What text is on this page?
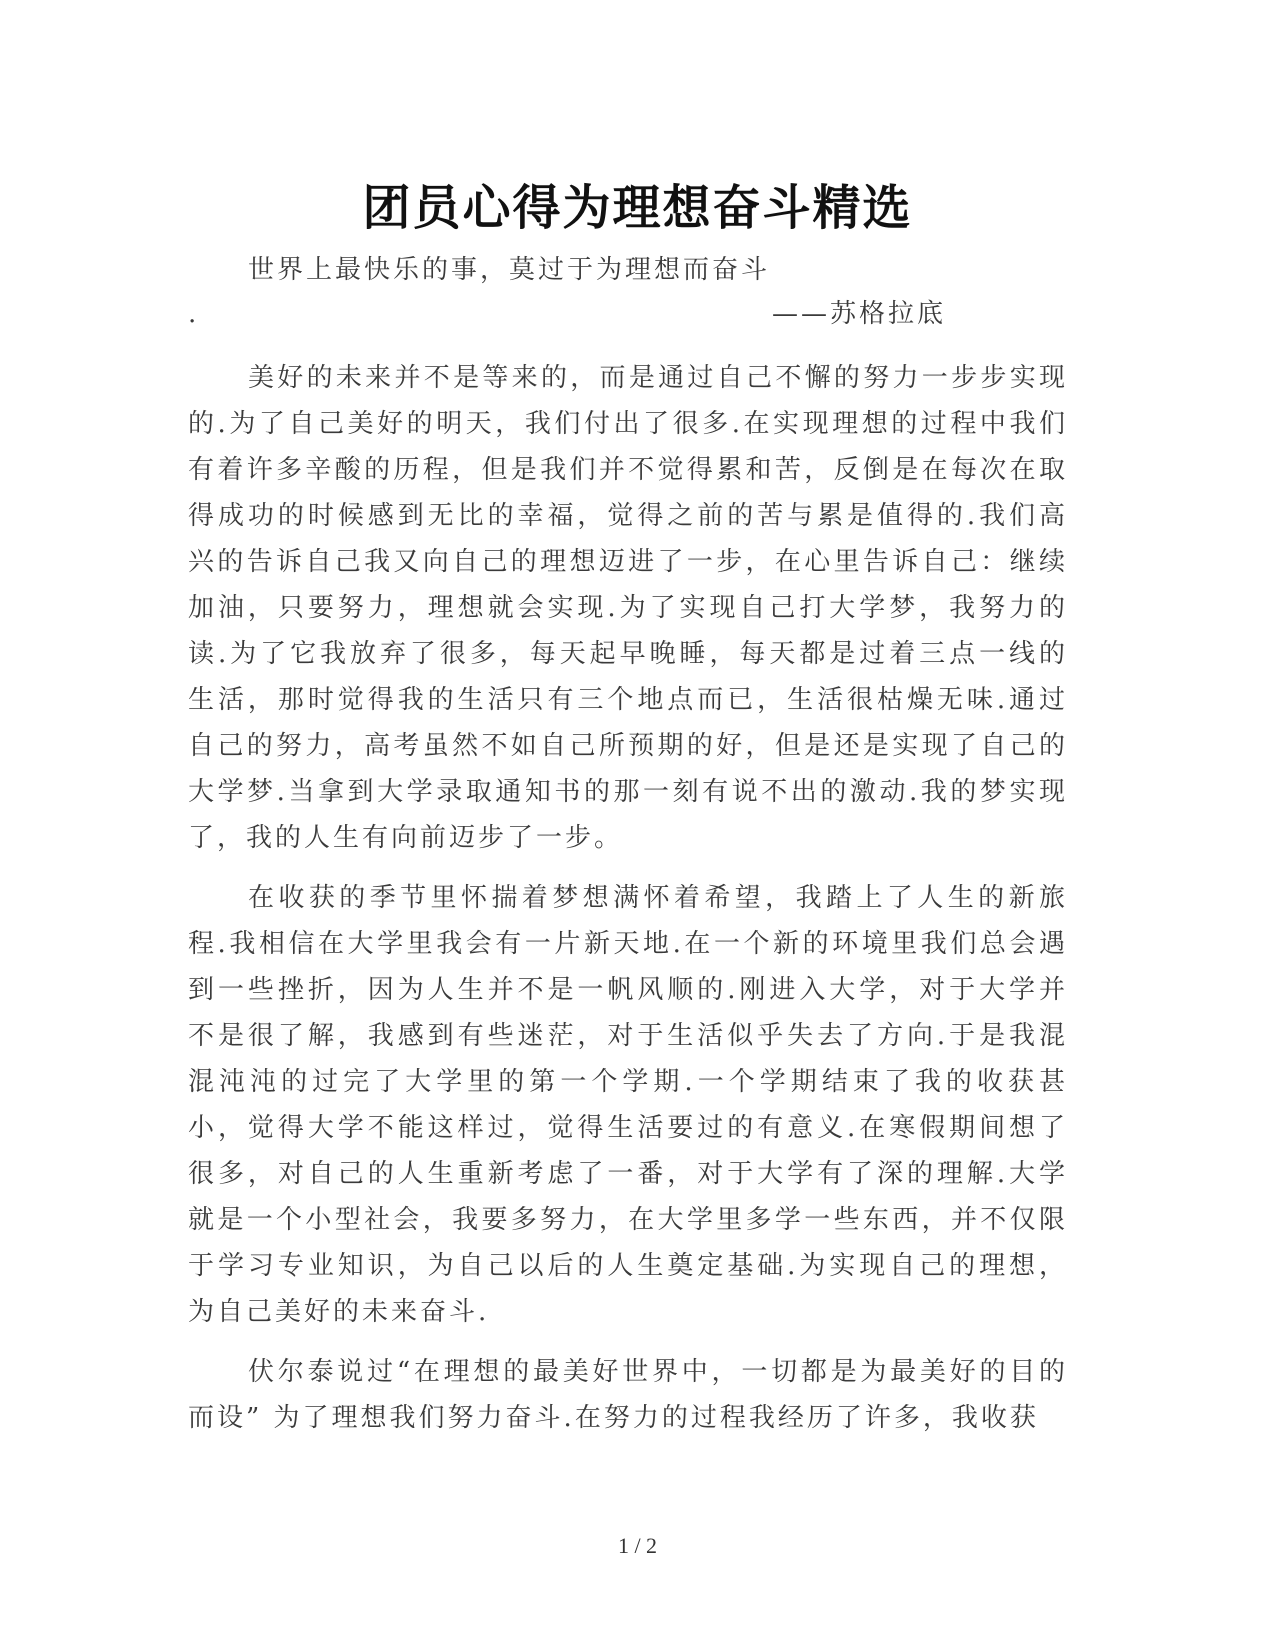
团员心得为理想奋斗精选
世界上最快乐的事，莫过于为理想而奋斗
.	——苏格拉底

美好的未来并不是等来的，而是通过自己不懈的努力一步步实现的.为了自己美好的明天，我们付出了很多.在实现理想的过程中我们有着许多辛酸的历程，但是我们并不觉得累和苦，反倒是在每次在取得成功的时候感到无比的幸福，觉得之前的苦与累是值得的.我们高兴的告诉自己我又向自己的理想迈进了一步，在心里告诉自己：继续加油，只要努力，理想就会实现.为了实现自己打大学梦，我努力的读.为了它我放弃了很多，每天起早晚睡，每天都是过着三点一线的生活，那时觉得我的生活只有三个地点而已，生活很枯燥无味.通过自己的努力，高考虽然不如自己所预期的好，但是还是实现了自己的大学梦.当拿到大学录取通知书的那一刻有说不出的激动.我的梦实现了，我的人生有向前迈步了一步。

在收获的季节里怀揣着梦想满怀着希望，我踏上了人生的新旅程.我相信在大学里我会有一片新天地.在一个新的环境里我们总会遇到一些挫折，因为人生并不是一帆风顺的.刚进入大学，对于大学并不是很了解，我感到有些迷茫，对于生活似乎失去了方向.于是我混混沌沌的过完了大学里的第一个学期.一个学期结束了我的收获甚小，觉得大学不能这样过，觉得生活要过的有意义.在寒假期间想了很多，对自己的人生重新考虑了一番，对于大学有了深的理解.大学就是一个小型社会，我要多努力，在大学里多学一些东西，并不仅限于学习专业知识，为自己以后的人生奠定基础.为实现自己的理想，为自己美好的未来奋斗.

伏尔泰说过“在理想的最美好世界中，一切都是为最美好的目的而设” 为了理想我们努力奋斗.在努力的过程我经历了许多，我收获

1 / 2
